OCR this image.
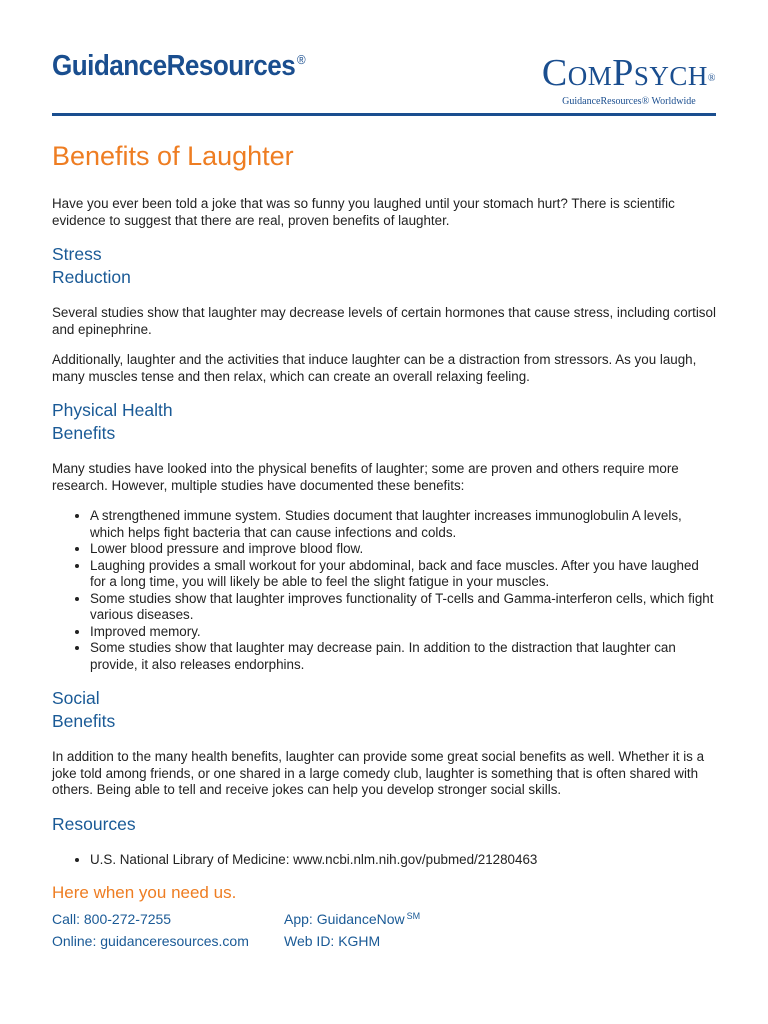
GuidanceResources ®	COMPSYCH®
GuidanceResources® Worldwide
Benefits of Laughter

Have you ever been told a joke that was so funny you laughed until your stomach hurt? There is scientific evidence to suggest that there are real, proven benefits of laughter.

Stress
Reduction

Several studies show that laughter may decrease levels of certain hormones that cause stress, including cortisol and epinephrine.

Additionally, laughter and the activities that induce laughter can be a distraction from stressors. As you laugh, many muscles tense and then relax, which can create an overall relaxing feeling.

Physical Health
Benefits

Many studies have looked into the physical benefits of laughter; some are proven and others require more research. However, multiple studies have documented these benefits:

• A strengthened immune system. Studies document that laughter increases immunoglobulin A levels, which helps fight bacteria that can cause infections and colds.
• Lower blood pressure and improve blood flow.
• Laughing provides a small workout for your abdominal, back and face muscles. After you have laughed for a long time, you will likely be able to feel the slight fatigue in your muscles.
• Some studies show that laughter improves functionality of T-cells and Gamma-interferon cells, which fight various diseases.
• Improved memory.
• Some studies show that laughter may decrease pain. In addition to the distraction that laughter can provide, it also releases endorphins.
Social
Benefits

In addition to the many health benefits, laughter can provide some great social benefits as well. Whether it is a joke told among friends, or one shared in a large comedy club, laughter is something that is often shared with others. Being able to tell and receive jokes can help you develop stronger social skills.

Resources
• U.S. National Library of Medicine: www.ncbi.nlm.nih.gov/pubmed/21280463
Here when you need us.
Call: 800-272-7255
Online: guidanceresources.com
App: GuidanceNow ℠
Web ID: KGHM
